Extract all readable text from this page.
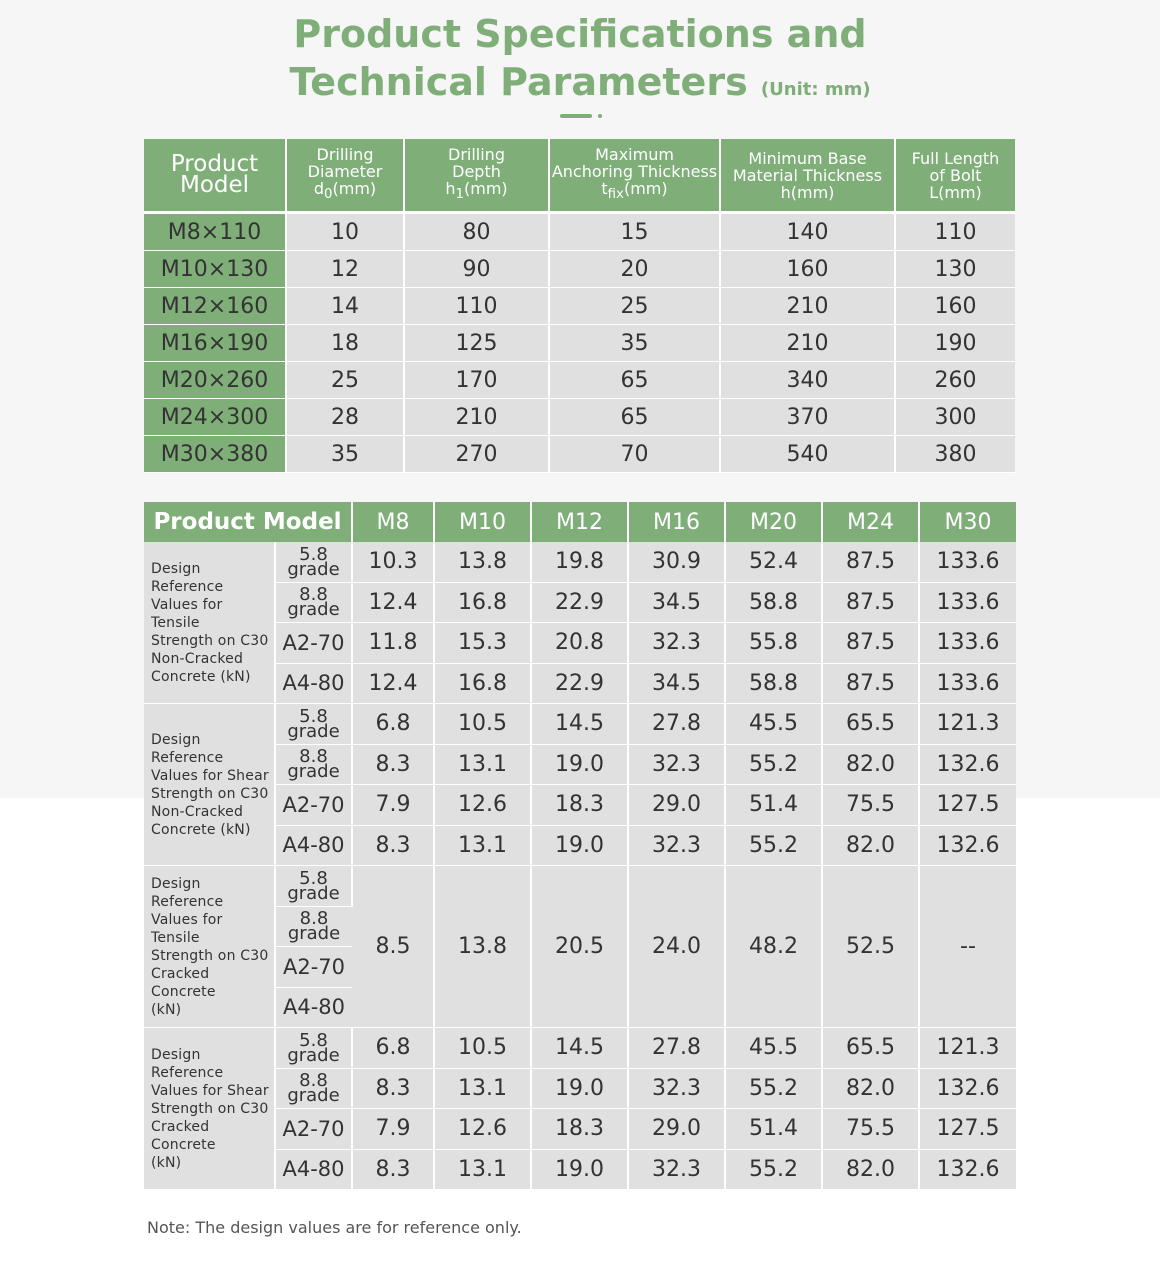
Product Specifications and
Technical Parameters (Unit: mm)
Product
Model	Drilling
Diameter
$d_0(mm)$	Drilling
Depth
$h_1(mm)$	Maximum
Anchoring Thickness
$t_{fix}(mm)$	Minimum Base
Material Thickness
h(mm)	Full Length
of Bolt
L(mm)
M8×110	10	80	15	140	110
M10×130	12	90	20	160	130
M12×160	14	110	25	210	160
M16×190	18	125	35	210	190
M20×260	25	170	65	340	260
M24×300	28	210	65	370	300
M30×380	35	270	70	540	380
Product Model		M8	M10	M12	M16	M20	M24	M30
Design Reference
Values for Tensile
Strength on C30
Non-Cracked
Concrete (kN)	5.8
grade	10.3	13.8	19.8	30.9	52.4	87.5	133.6
	8.8
grade	12.4	16.8	22.9	34.5	58.8	87.5	133.6
	A2-70	11.8	15.3	20.8	32.3	55.8	87.5	133.6
	A4-80	12.4	16.8	22.9	34.5	58.8	87.5	133.6
Design Reference
Values for Shear
Strength on C30
Non-Cracked
Concrete (kN)	5.8
grade	6.8	10.5	14.5	27.8	45.5	65.5	121.3
	8.8
grade	8.3	13.1	19.0	32.3	55.2	82.0	132.6
	A2-70	7.9	12.6	18.3	29.0	51.4	75.5	127.5
	A4-80	8.3	13.1	19.0	32.3	55.2	82.0	132.6
Design Reference
Values for Tensile
Strength on C30
Cracked Concrete
(kN)	5.8
grade	8.5	13.8	20.5	24.0	48.2	52.5	--
	8.8
grade							
	A2-70							
	A4-80							
Design Reference
Values for Shear
Strength on C30
Cracked Concrete
(kN)	5.8
grade	6.8	10.5	14.5	27.8	45.5	65.5	121.3
	8.8
grade	8.3	13.1	19.0	32.3	55.2	82.0	132.6
	A2-70	7.9	12.6	18.3	29.0	51.4	75.5	127.5
	A4-80	8.3	13.1	19.0	32.3	55.2	82.0	132.6
Note: The design values are for reference only.
